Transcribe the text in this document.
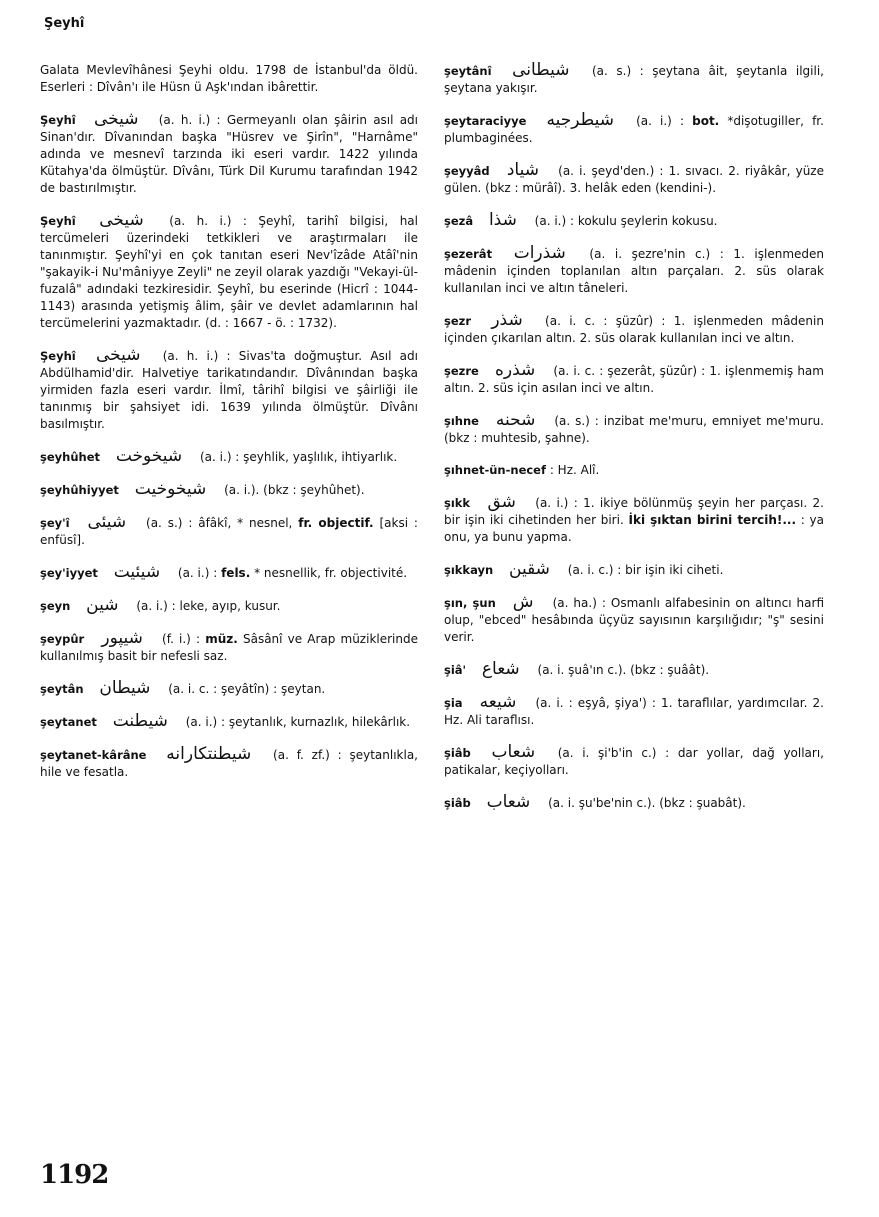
Şeyhî

Galata Mevlevîhânesi Şeyhi oldu. 1798 de İstanbul'da öldü. Eserleri : Dîvân'ı ile Hüsn ü Aşk'ından ibârettir.

Şeyhî شيخى (a. h. i.) : Germeyanlı olan şâirin asıl adı Sinan'dır. Dîvanından başka "Hüsrev ve Şirîn", "Harnâme" adında ve mesnevî tarzında iki eseri vardır. 1422 yılında Kütahya'da ölmüştür. Dîvânı, Türk Dil Kurumu tarafından 1942 de bastırılmıştır.

Şeyhî شيخى (a. h. i.) : Şeyhî, tarihî bilgisi, hal tercümeleri üzerindeki tetkikleri ve araştırmaları ile tanınmıştır. Şeyhî'yi en çok tanıtan eseri Nev'îzâde Atâî'nin "şakayik-i Nu'mâniyye Zeyli" ne zeyil olarak yazdığı "Vekayi-ül-fuzalâ" adındaki tezkiresidir. Şeyhî, bu eserinde (Hicrî : 1044-1143) arasında yetişmiş âlim, şâir ve devlet adamlarının hal tercümelerini yazmaktadır. (d. : 1667 - ö. : 1732).

Şeyhî شيخى (a. h. i.) : Sivas'ta doğmuştur. Asıl adı Abdülhamid'dir. Halvetiye tarikatındandır. Dîvânından başka yirmiden fazla eseri vardır. İlmî, târihî bilgisi ve şâirliği ile tanınmış bir şahsiyet idi. 1639 yılında ölmüştür. Dîvânı basılmıştır.

şeyhûhet شيخوخت (a. i.) : şeyhlik, yaşlılık, ihtiyarlık.

şeyhûhiyyet شيخوخيت (a. i.). (bkz : şeyhûhet).

şey'î شيئى (a. s.) : âfâkî, * nesnel, fr. objectif. [aksi : enfüsî].

şey'iyyet شيئيت (a. i.) : fels. * nesnellik, fr. objectivité.

şeyn شين (a. i.) : leke, ayıp, kusur.

şeypûr شيپور (f. i.) : müz. Sâsânî ve Arap müziklerinde kullanılmış basit bir nefesli saz.

şeytân شيطان (a. i. c. : şeyâtîn) : şeytan.

şeytanet شيطنت (a. i.) : şeytanlık, kurnazlık, hilekârlık.

şeytanet-kârâne شيطنتكارانه (a. f. zf.) : şeytanlıkla, hile ve fesatla.

şeytânî شيطانى (a. s.) : şeytana âit, şeytanla ilgili, şeytana yakışır.

şeytaraciyye شيطرجيه (a. i.) : bot. *dişotugiller, fr. plumbaginées.

şeyyâd شياد (a. i. şeyd'den.) : 1. sıvacı. 2. riyâkâr, yüze gülen. (bkz : mürâî). 3. helâk eden (kendini-).

şezâ شذا (a. i.) : kokulu şeylerin kokusu.

şezerât شذرات (a. i. şezre'nin c.) : 1. işlenmeden mâdenin içinden toplanılan altın parçaları. 2. süs olarak kullanılan inci ve altın tâneleri.

şezr شذر (a. i. c. : şüzûr) : 1. işlenmeden mâdenin içinden çıkarılan altın. 2. süs olarak kullanılan inci ve altın.

şezre شذره (a. i. c. : şezerât, şüzûr) : 1. işlenmemiş ham altın. 2. süs için asılan inci ve altın.

şıhne شحنه (a. s.) : inzibat me'muru, emniyet me'muru. (bkz : muhtesib, şahne).

şıhnet-ün-necef : Hz. Alî.

şıkk شق (a. i.) : 1. ikiye bölünmüş şeyin her parçası. 2. bir işin iki cihetinden her biri. İki şıktan birini tercih!... : ya onu, ya bunu yapma.

şıkkayn شقين (a. i. c.) : bir işin iki ciheti.

şın, şun ش (a. ha.) : Osmanlı alfabesinin on altıncı harfi olup, "ebced" hesâbında üçyüz sayısının karşılığıdır; "ş" sesini verir.

şiâ' شعاع (a. i. şuâ'ın c.). (bkz : şuâât).

şia شيعه (a. i. : eşyâ, şiya') : 1. taraflılar, yardımcılar. 2. Hz. Ali taraflısı.

şiâb شعاب (a. i. şi'b'in c.) : dar yollar, dağ yolları, patikalar, keçiyolları.

şiâb شعاب (a. i. şu'be'nin c.). (bkz : şuabât).

1192
